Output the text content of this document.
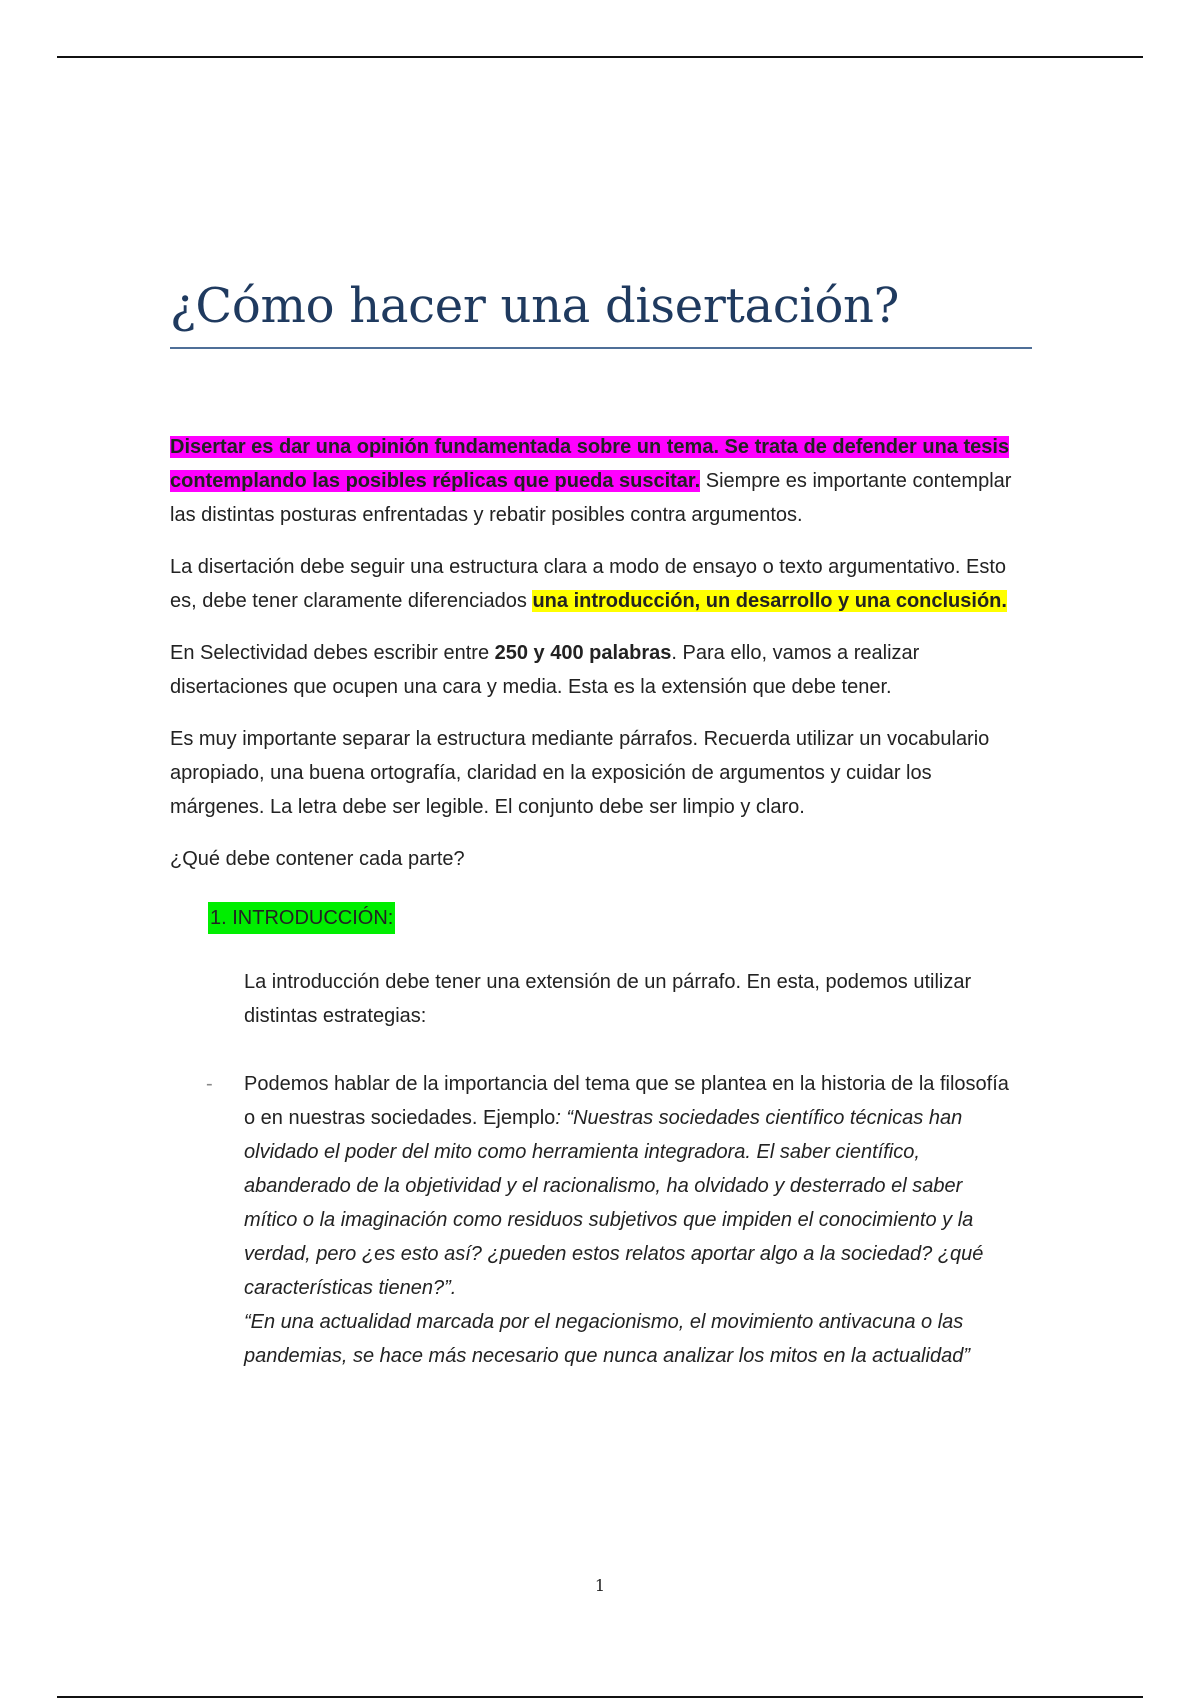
¿Cómo hacer una disertación?

Disertar es dar una opinión fundamentada sobre un tema. Se trata de defender una tesis contemplando las posibles réplicas que pueda suscitar. Siempre es importante contemplar las distintas posturas enfrentadas y rebatir posibles contra argumentos.

La disertación debe seguir una estructura clara a modo de ensayo o texto argumentativo. Esto es, debe tener claramente diferenciados una introducción, un desarrollo y una conclusión.

En Selectividad debes escribir entre 250 y 400 palabras. Para ello, vamos a realizar disertaciones que ocupen una cara y media. Esta es la extensión que debe tener.

Es muy importante separar la estructura mediante párrafos. Recuerda utilizar un vocabulario apropiado, una buena ortografía, claridad en la exposición de argumentos y cuidar los márgenes. La letra debe ser legible. El conjunto debe ser limpio y claro.

¿Qué debe contener cada parte?

1. INTRODUCCIÓN:

La introducción debe tener una extensión de un párrafo. En esta, podemos utilizar distintas estrategias:

- Podemos hablar de la importancia del tema que se plantea en la historia de la filosofía o en nuestras sociedades. Ejemplo: “Nuestras sociedades científico técnicas han olvidado el poder del mito como herramienta integradora. El saber científico, abanderado de la objetividad y el racionalismo, ha olvidado y desterrado el saber mítico o la imaginación como residuos subjetivos que impiden el conocimiento y la verdad, pero ¿es esto así? ¿pueden estos relatos aportar algo a la sociedad? ¿qué características tienen?”.
“En una actualidad marcada por el negacionismo, el movimiento antivacuna o las pandemias, se hace más necesario que nunca analizar los mitos en la actualidad”
1
